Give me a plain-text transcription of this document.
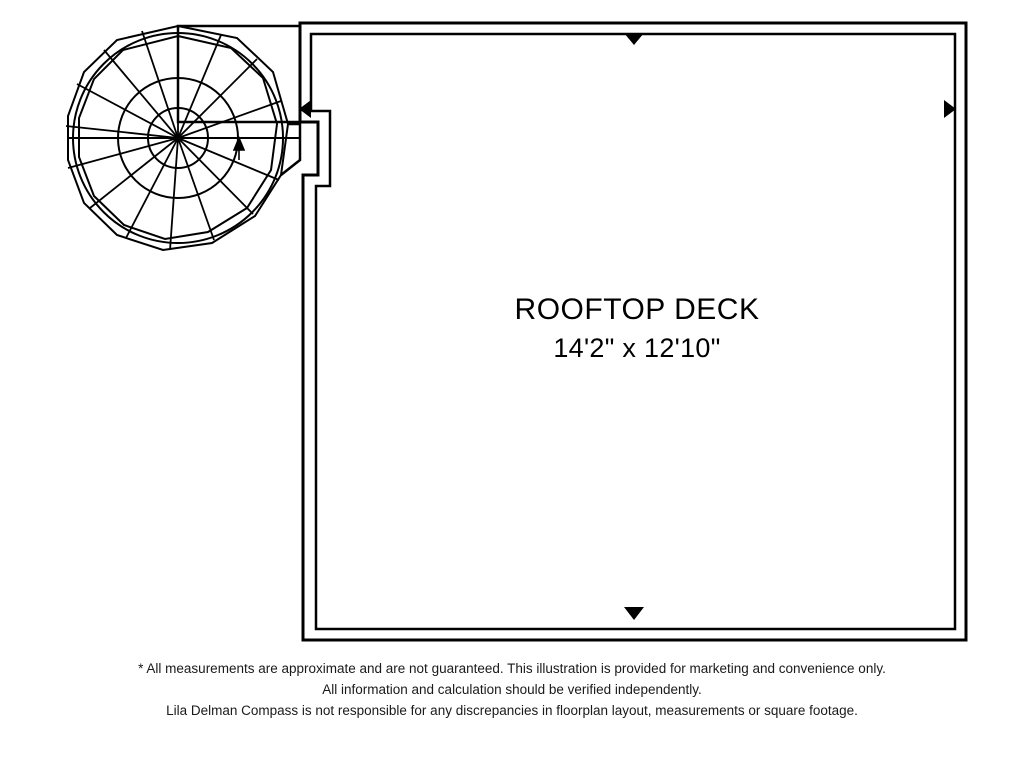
ROOFTOP DECK
14'2" x 12'10"
* All measurements are approximate and are not guaranteed. This illustration is provided for marketing and convenience only.
All information and calculation should be verified independently.
Lila Delman Compass is not responsible for any discrepancies in floorplan layout, measurements or square footage.
